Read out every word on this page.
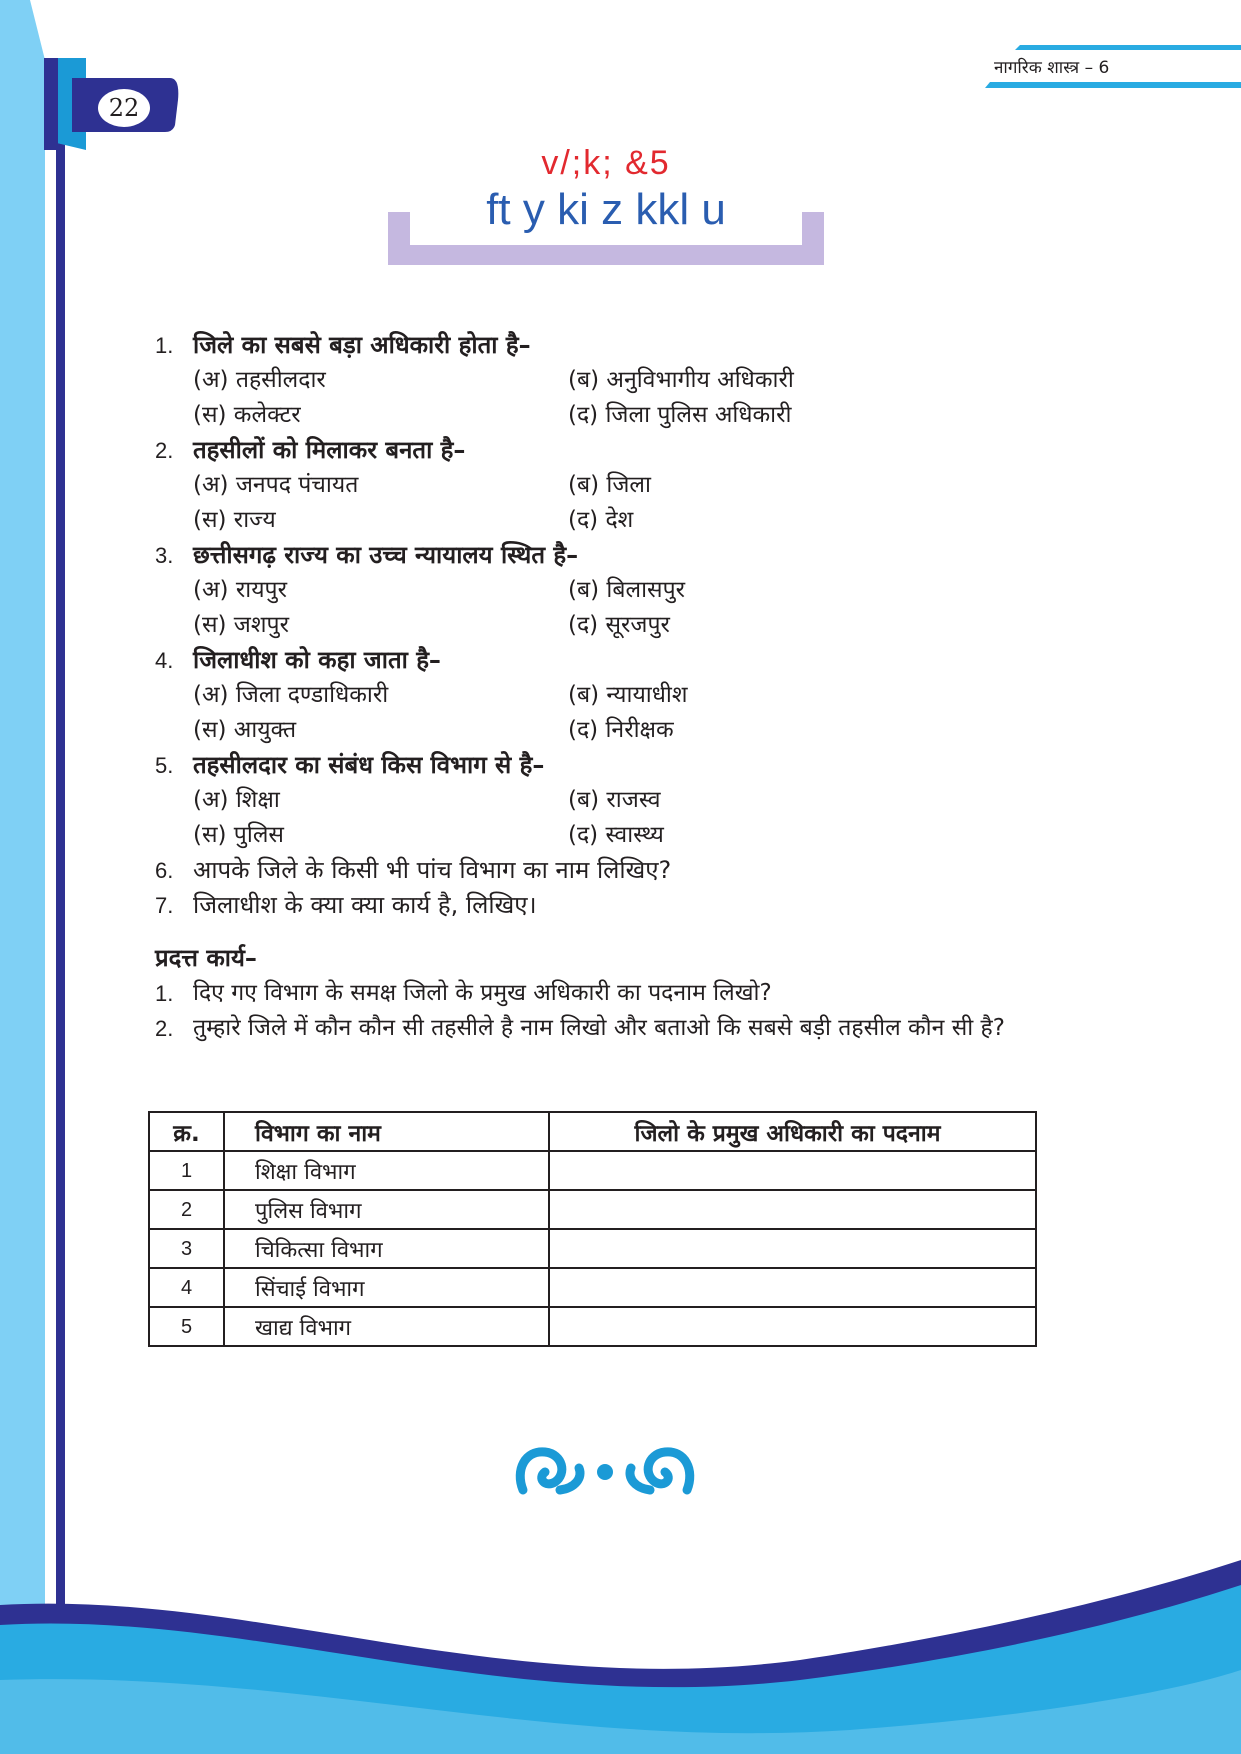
22
नागरिक शास्त्र – 6
v/;k; &5
ft y ki z kkl u
1. जिले का सबसे बड़ा अधिकारी होता है–
(अ) तहसीलदार	(ब) अनुविभागीय अधिकारी
(स) कलेक्टर	(द) जिला पुलिस अधिकारी
2. तहसीलों को मिलाकर बनता है–
(अ) जनपद पंचायत	(ब) जिला
(स) राज्य	(द) देश
3. छत्तीसगढ़ राज्य का उच्च न्यायालय स्थित है–
(अ) रायपुर	(ब) बिलासपुर
(स) जशपुर	(द) सूरजपुर
4. जिलाधीश को कहा जाता है–
(अ) जिला दण्डाधिकारी	(ब) न्यायाधीश
(स) आयुक्त	(द) निरीक्षक
5. तहसीलदार का संबंध किस विभाग से है–
(अ) शिक्षा	(ब) राजस्व
(स) पुलिस	(द) स्वास्थ्य
6. आपके जिले के किसी भी पांच विभाग का नाम लिखिए?
7. जिलाधीश के क्या क्या कार्य है, लिखिए।
प्रदत्त कार्य–
1. दिए गए विभाग के समक्ष जिलो के प्रमुख अधिकारी का पदनाम लिखो?
2. तुम्हारे जिले में कौन कौन सी तहसीले है नाम लिखो और बताओ कि सबसे बड़ी तहसील कौन सी है?
क्र.	विभाग का नाम	जिलो के प्रमुख अधिकारी का पदनाम
1	शिक्षा विभाग	
2	पुलिस विभाग	
3	चिकित्सा विभाग	
4	सिंचाई विभाग	
5	खाद्य विभाग	
